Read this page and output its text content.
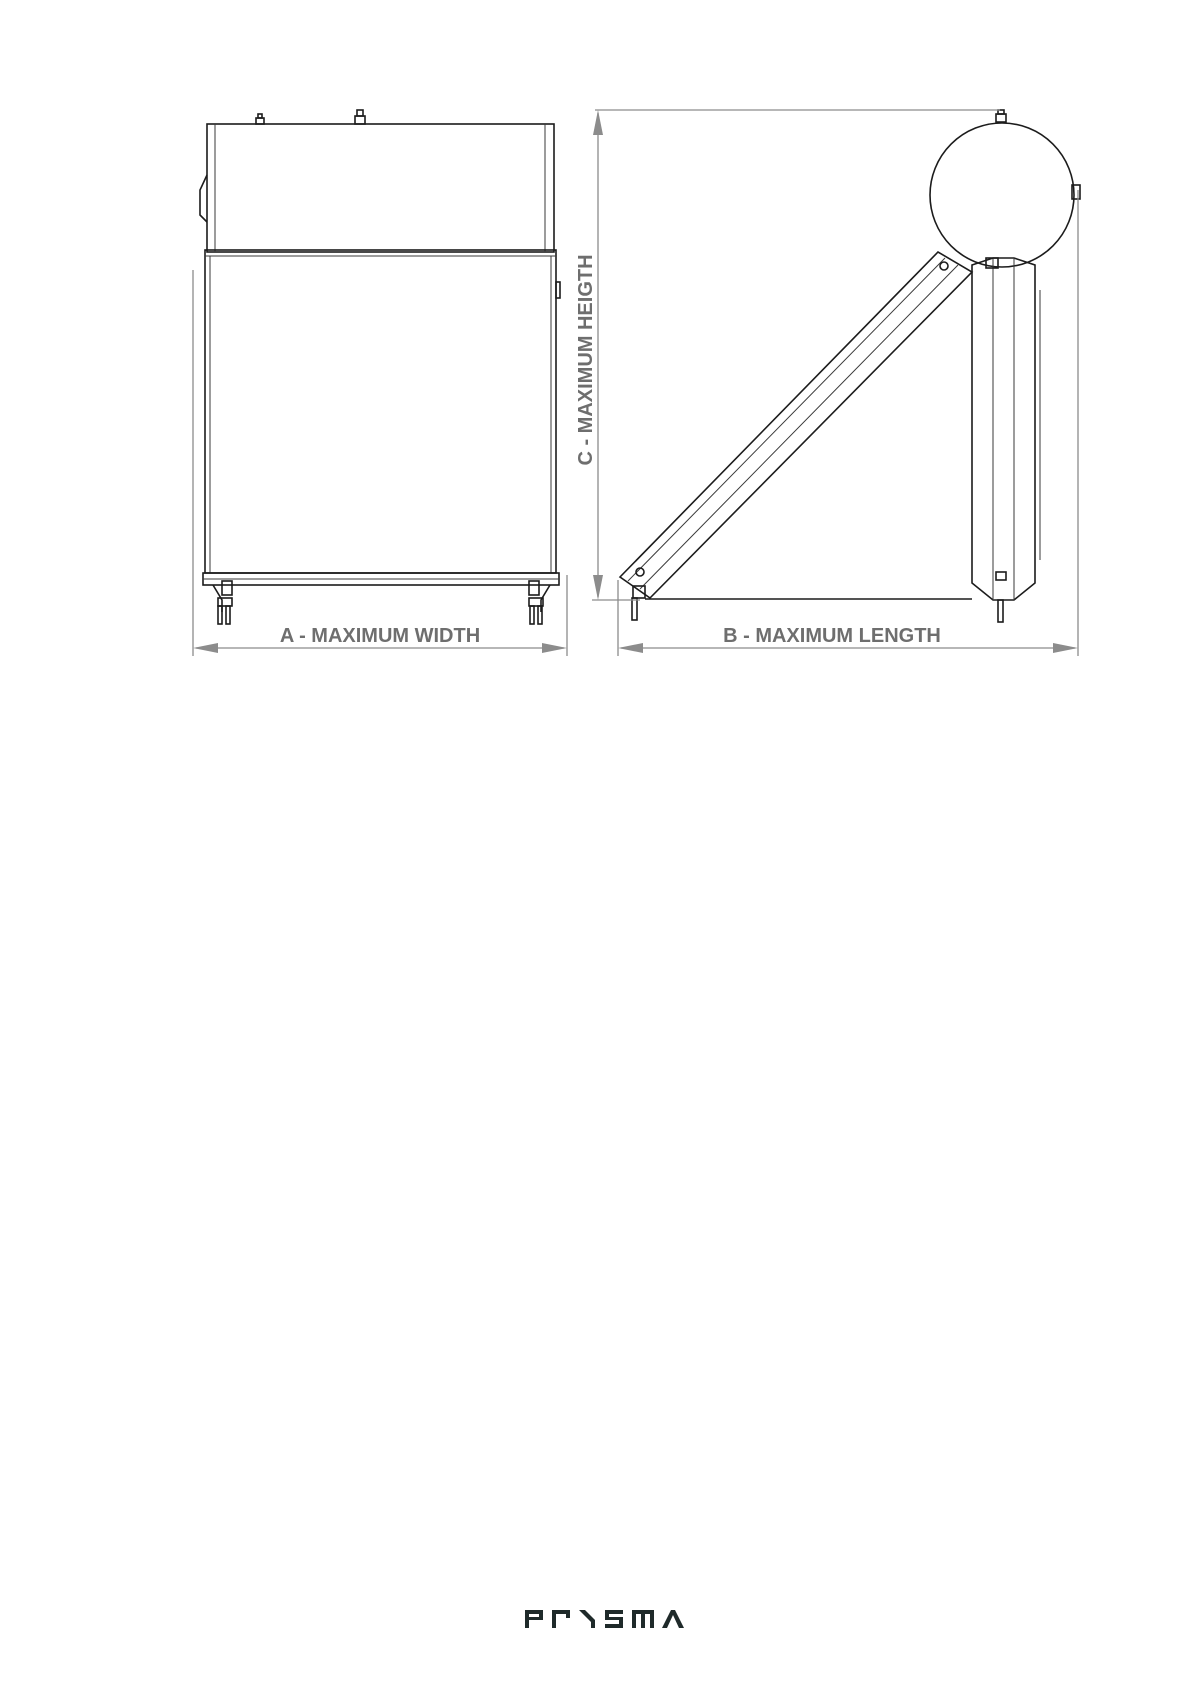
A - MAXIMUM WIDTH
C - MAXIMUM HEIGTH
B - MAXIMUM LENGTH
